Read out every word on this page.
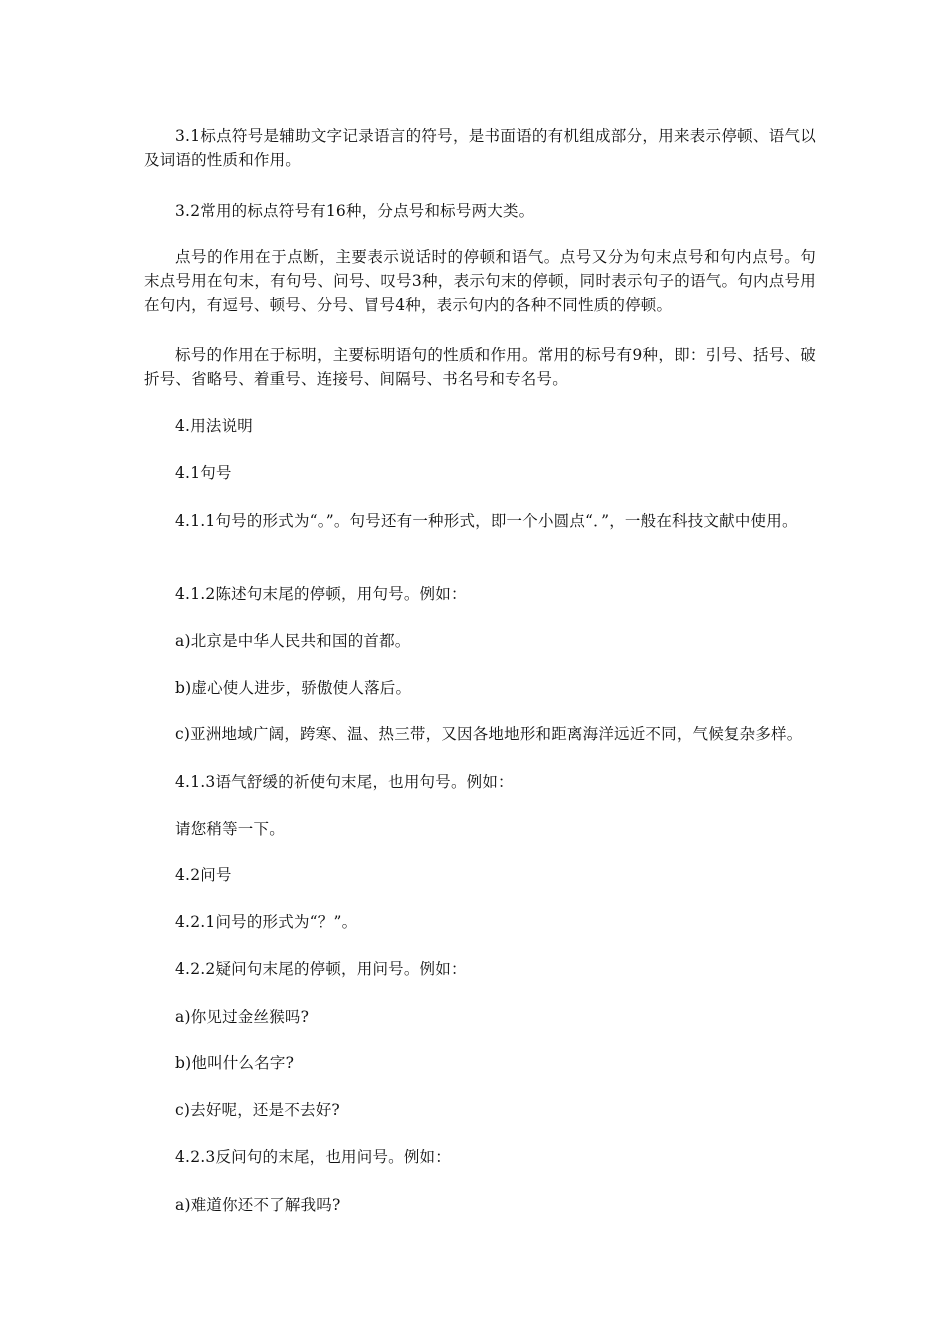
3.1标点符号是辅助文字记录语言的符号，是书面语的有机组成部分，用来表示停顿、语气以及词语的性质和作用。

3.2常用的标点符号有16种，分点号和标号两大类。

点号的作用在于点断，主要表示说话时的停顿和语气。点号又分为句末点号和句内点号。句末点号用在句末，有句号、问号、叹号3种，表示句末的停顿，同时表示句子的语气。句内点号用在句内，有逗号、顿号、分号、冒号4种，表示句内的各种不同性质的停顿。

标号的作用在于标明，主要标明语句的性质和作用。常用的标号有9种，即：引号、括号、破折号、省略号、着重号、连接号、间隔号、书名号和专名号。

4.用法说明

4.1句号

4.1.1句号的形式为“。”。句号还有一种形式，即一个小圆点“．”，一般在科技文献中使用。

4.1.2陈述句末尾的停顿，用句号。例如：

a)北京是中华人民共和国的首都。

b)虚心使人进步，骄傲使人落后。

c)亚洲地域广阔，跨寒、温、热三带，又因各地地形和距离海洋远近不同，气候复杂多样。

4.1.3语气舒缓的祈使句末尾，也用句号。例如：

请您稍等一下。

4.2问号

4.2.1问号的形式为“？”。

4.2.2疑问句末尾的停顿，用问号。例如：

a)你见过金丝猴吗?

b)他叫什么名字?

c)去好呢，还是不去好?

4.2.3反问句的末尾，也用问号。例如：

a)难道你还不了解我吗?
